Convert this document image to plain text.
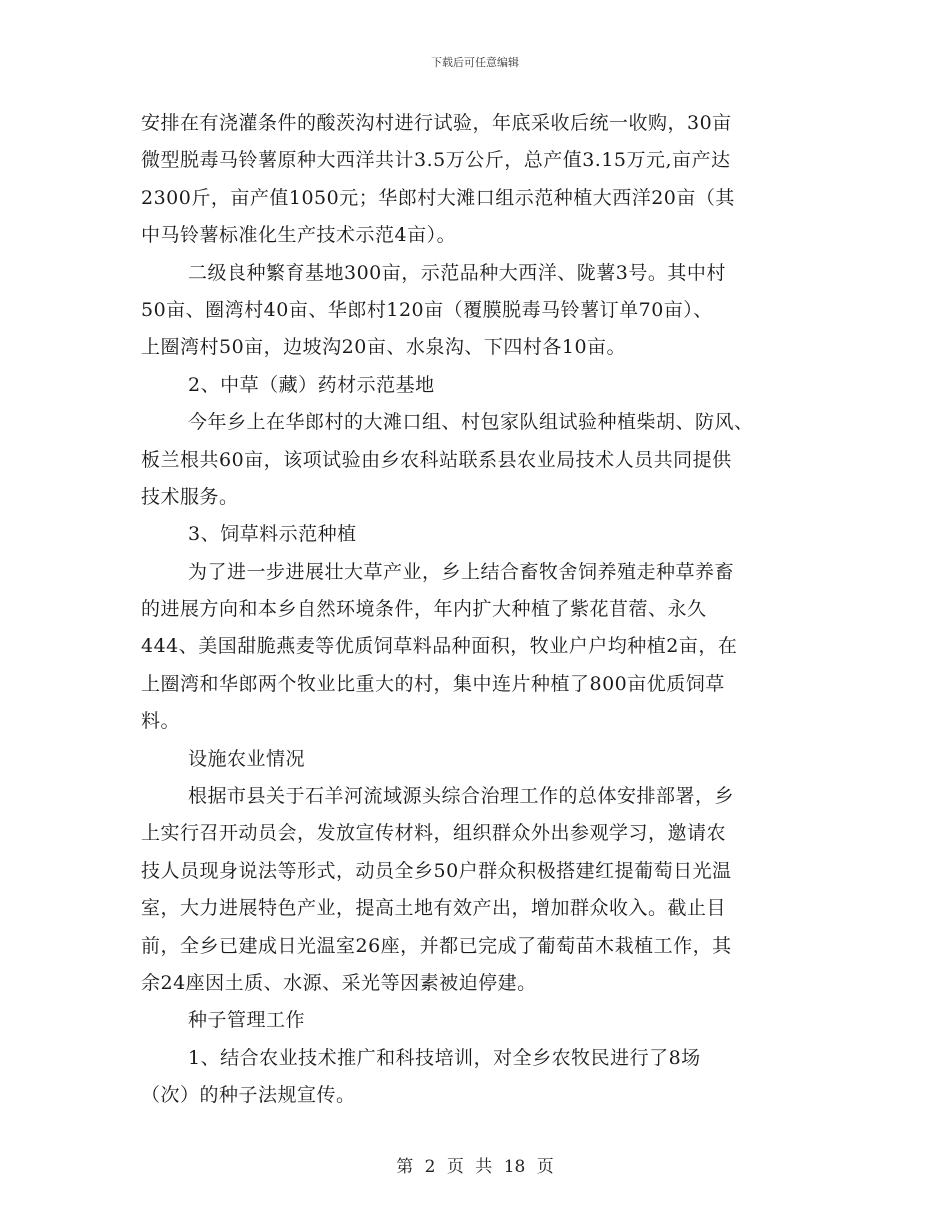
下载后可任意编辑
安排在有浇灌条件的酸茨沟村进行试验，年底采收后统一收购，30亩
微型脱毒马铃薯原种大西洋共计3.5万公斤，总产值3.15万元,亩产达
2300斤，亩产值1050元；华郎村大滩口组示范种植大西洋20亩（其
中马铃薯标准化生产技术示范4亩）。
二级良种繁育基地300亩，示范品种大西洋、陇薯3号。其中村
50亩、圈湾村40亩、华郎村120亩（覆膜脱毒马铃薯订单70亩）、
上圈湾村50亩，边坡沟20亩、水泉沟、下四村各10亩。
2、中草（藏）药材示范基地
今年乡上在华郎村的大滩口组、村包家队组试验种植柴胡、防风、
板兰根共60亩，该项试验由乡农科站联系县农业局技术人员共同提供
技术服务。
3、饲草料示范种植
为了进一步进展壮大草产业，乡上结合畜牧舍饲养殖走种草养畜
的进展方向和本乡自然环境条件，年内扩大种植了紫花苜蓿、永久
444、美国甜脆燕麦等优质饲草料品种面积，牧业户户均种植2亩，在
上圈湾和华郎两个牧业比重大的村，集中连片种植了800亩优质饲草
料。
设施农业情况
根据市县关于石羊河流域源头综合治理工作的总体安排部署，乡
上实行召开动员会，发放宣传材料，组织群众外出参观学习，邀请农
技人员现身说法等形式，动员全乡50户群众积极搭建红提葡萄日光温
室，大力进展特色产业，提高土地有效产出，增加群众收入。截止目
前，全乡已建成日光温室26座，并都已完成了葡萄苗木栽植工作，其
余24座因土质、水源、采光等因素被迫停建。
种子管理工作
1、结合农业技术推广和科技培训，对全乡农牧民进行了8场
（次）的种子法规宣传。
第 2 页 共 18 页
